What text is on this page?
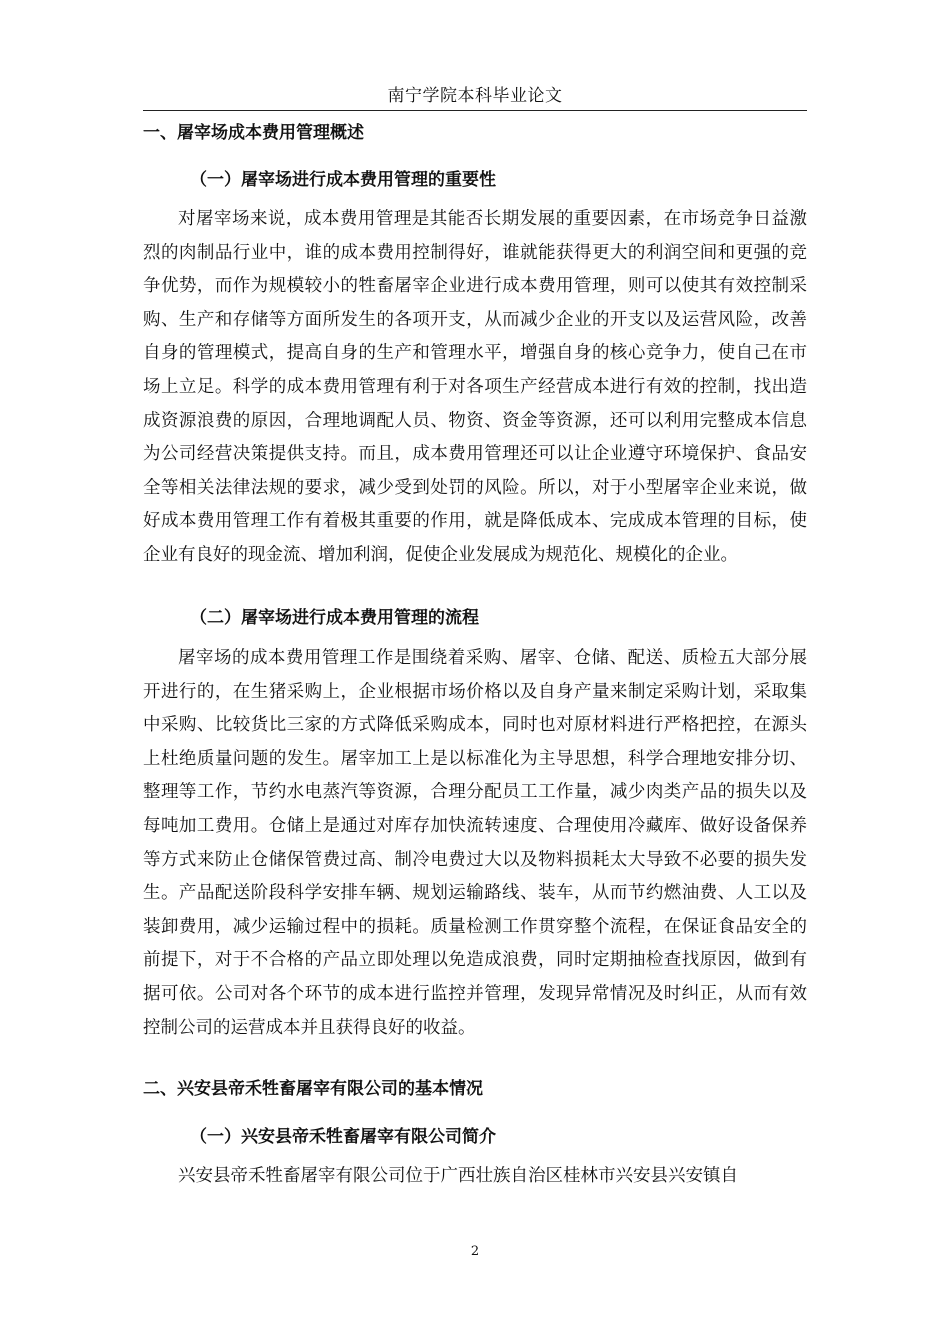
南宁学院本科毕业论文
一、屠宰场成本费用管理概述
（一）屠宰场进行成本费用管理的重要性

对屠宰场来说，成本费用管理是其能否长期发展的重要因素，在市场竞争日益激烈的肉制品行业中，谁的成本费用控制得好，谁就能获得更大的利润空间和更强的竞争优势，而作为规模较小的牲畜屠宰企业进行成本费用管理，则可以使其有效控制采购、生产和存储等方面所发生的各项开支，从而减少企业的开支以及运营风险，改善自身的管理模式，提高自身的生产和管理水平，增强自身的核心竞争力，使自己在市场上立足。科学的成本费用管理有利于对各项生产经营成本进行有效的控制，找出造成资源浪费的原因，合理地调配人员、物资、资金等资源，还可以利用完整成本信息为公司经营决策提供支持。而且，成本费用管理还可以让企业遵守环境保护、食品安全等相关法律法规的要求，减少受到处罚的风险。所以，对于小型屠宰企业来说，做好成本费用管理工作有着极其重要的作用，就是降低成本、完成成本管理的目标，使企业有良好的现金流、增加利润，促使企业发展成为规范化、规模化的企业。

（二）屠宰场进行成本费用管理的流程

屠宰场的成本费用管理工作是围绕着采购、屠宰、仓储、配送、质检五大部分展开进行的，在生猪采购上，企业根据市场价格以及自身产量来制定采购计划，采取集中采购、比较货比三家的方式降低采购成本，同时也对原材料进行严格把控，在源头上杜绝质量问题的发生。屠宰加工上是以标准化为主导思想，科学合理地安排分切、整理等工作，节约水电蒸汽等资源，合理分配员工工作量，减少肉类产品的损失以及每吨加工费用。仓储上是通过对库存加快流转速度、合理使用冷藏库、做好设备保养等方式来防止仓储保管费过高、制冷电费过大以及物料损耗太大导致不必要的损失发生。产品配送阶段科学安排车辆、规划运输路线、装车，从而节约燃油费、人工以及装卸费用，减少运输过程中的损耗。质量检测工作贯穿整个流程，在保证食品安全的前提下，对于不合格的产品立即处理以免造成浪费，同时定期抽检查找原因，做到有据可依。公司对各个环节的成本进行监控并管理，发现异常情况及时纠正，从而有效控制公司的运营成本并且获得良好的收益。

二、兴安县帝禾牲畜屠宰有限公司的基本情况
（一）兴安县帝禾牲畜屠宰有限公司简介

兴安县帝禾牲畜屠宰有限公司位于广西壮族自治区桂林市兴安县兴安镇自

2
